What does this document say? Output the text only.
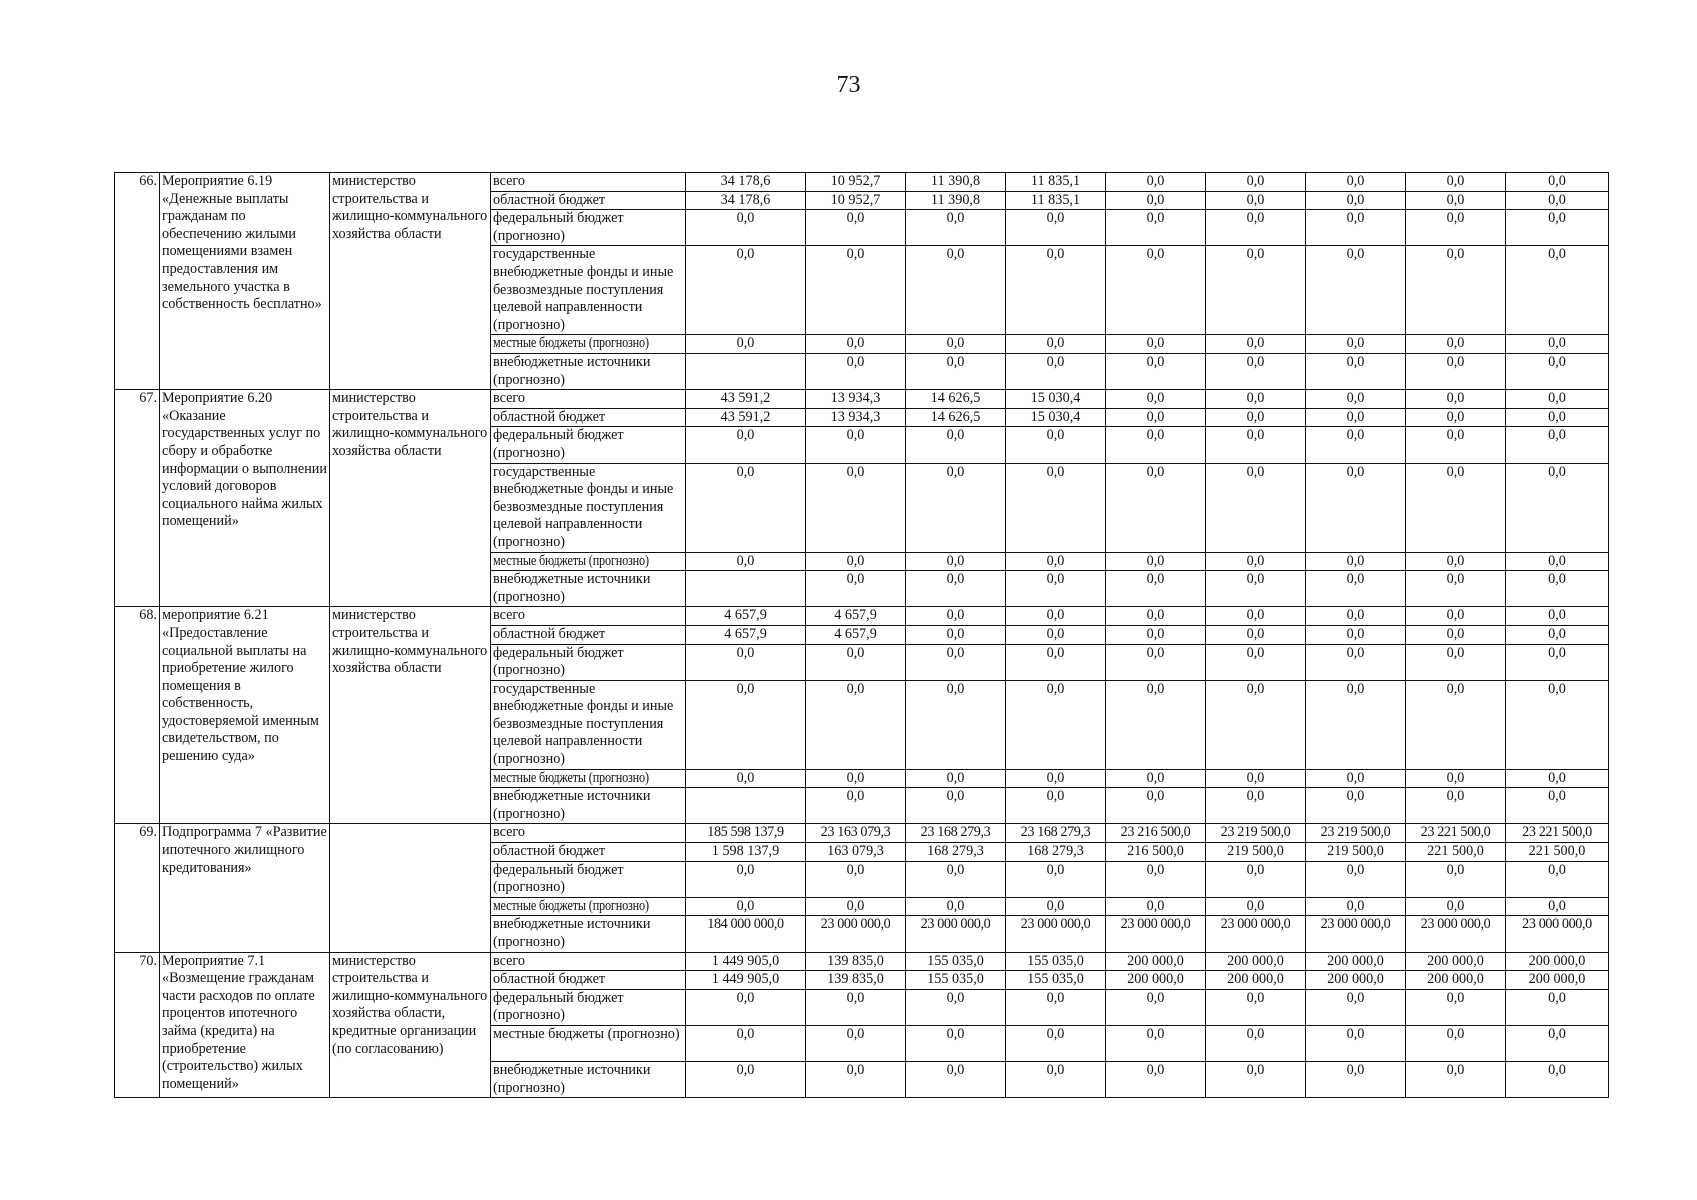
73
66.	Мероприятие 6.19 «Денежные выплаты гражданам по обеспечению жилыми помещениями взамен предоставления им земельного участка в собственность бесплатно»	министерство строительства и жилищно-коммунального хозяйства области	всего	34 178,6	10 952,7	11 390,8	11 835,1	0,0	0,0	0,0	0,0	0,0
			областной бюджет	34 178,6	10 952,7	11 390,8	11 835,1	0,0	0,0	0,0	0,0	0,0
			федеральный бюджет (прогнозно)	0,0	0,0	0,0	0,0	0,0	0,0	0,0	0,0	0,0
			государственные внебюджетные фонды и иные безвозмездные поступления целевой направленности (прогнозно)	0,0	0,0	0,0	0,0	0,0	0,0	0,0	0,0	0,0
			местные бюджеты (прогнозно)	0,0	0,0	0,0	0,0	0,0	0,0	0,0	0,0	0,0
			внебюджетные источники (прогнозно)		0,0	0,0	0,0	0,0	0,0	0,0	0,0	0,0
67.	Мероприятие 6.20 «Оказание государственных услуг по сбору и обработке информации о выполнении условий договоров социального найма жилых помещений»	министерство строительства и жилищно-коммунального хозяйства области	всего	43 591,2	13 934,3	14 626,5	15 030,4	0,0	0,0	0,0	0,0	0,0
			областной бюджет	43 591,2	13 934,3	14 626,5	15 030,4	0,0	0,0	0,0	0,0	0,0
			федеральный бюджет (прогнозно)	0,0	0,0	0,0	0,0	0,0	0,0	0,0	0,0	0,0
			государственные внебюджетные фонды и иные безвозмездные поступления целевой направленности (прогнозно)	0,0	0,0	0,0	0,0	0,0	0,0	0,0	0,0	0,0
			местные бюджеты (прогнозно)	0,0	0,0	0,0	0,0	0,0	0,0	0,0	0,0	0,0
			внебюджетные источники (прогнозно)		0,0	0,0	0,0	0,0	0,0	0,0	0,0	0,0
68.	мероприятие 6.21 «Предоставление социальной выплаты на приобретение жилого помещения в собственность, удостоверяемой именным свидетельством, по решению суда»	министерство строительства и жилищно-коммунального хозяйства области	всего	4 657,9	4 657,9	0,0	0,0	0,0	0,0	0,0	0,0	0,0
			областной бюджет	4 657,9	4 657,9	0,0	0,0	0,0	0,0	0,0	0,0	0,0
			федеральный бюджет (прогнозно)	0,0	0,0	0,0	0,0	0,0	0,0	0,0	0,0	0,0
			государственные внебюджетные фонды и иные безвозмездные поступления целевой направленности (прогнозно)	0,0	0,0	0,0	0,0	0,0	0,0	0,0	0,0	0,0
			местные бюджеты (прогнозно)	0,0	0,0	0,0	0,0	0,0	0,0	0,0	0,0	0,0
			внебюджетные источники (прогнозно)		0,0	0,0	0,0	0,0	0,0	0,0	0,0	0,0
69.	Подпрограмма 7 «Развитие ипотечного жилищного кредитования»		всего	185 598 137,9	23 163 079,3	23 168 279,3	23 168 279,3	23 216 500,0	23 219 500,0	23 219 500,0	23 221 500,0	23 221 500,0
			областной бюджет	1 598 137,9	163 079,3	168 279,3	168 279,3	216 500,0	219 500,0	219 500,0	221 500,0	221 500,0
			федеральный бюджет (прогнозно)	0,0	0,0	0,0	0,0	0,0	0,0	0,0	0,0	0,0
			местные бюджеты (прогнозно)	0,0	0,0	0,0	0,0	0,0	0,0	0,0	0,0	0,0
			внебюджетные источники (прогнозно)	184 000 000,0	23 000 000,0	23 000 000,0	23 000 000,0	23 000 000,0	23 000 000,0	23 000 000,0	23 000 000,0	23 000 000,0
70.	Мероприятие 7.1 «Возмещение гражданам части расходов по оплате процентов ипотечного займа (кредита) на приобретение (строительство) жилых помещений»	министерство строительства и жилищно-коммунального хозяйства области, кредитные организации (по согласованию)	всего	1 449 905,0	139 835,0	155 035,0	155 035,0	200 000,0	200 000,0	200 000,0	200 000,0	200 000,0
			областной бюджет	1 449 905,0	139 835,0	155 035,0	155 035,0	200 000,0	200 000,0	200 000,0	200 000,0	200 000,0
			федеральный бюджет (прогнозно)	0,0	0,0	0,0	0,0	0,0	0,0	0,0	0,0	0,0
			местные бюджеты (прогнозно)	0,0	0,0	0,0	0,0	0,0	0,0	0,0	0,0	0,0
			внебюджетные источники (прогнозно)	0,0	0,0	0,0	0,0	0,0	0,0	0,0	0,0	0,0
